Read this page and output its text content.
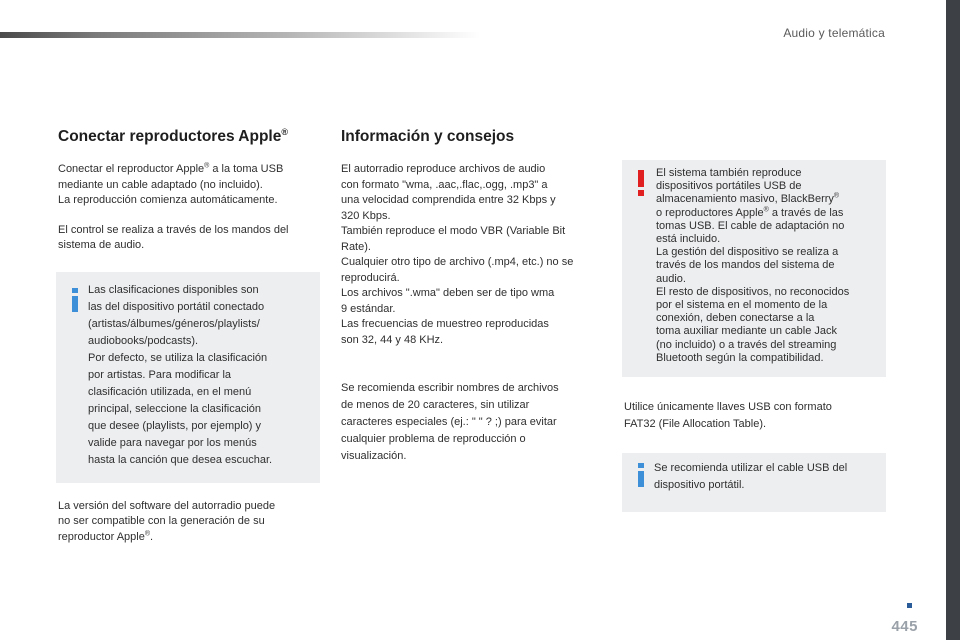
Audio y telemática
Conectar reproductores Apple®

Conectar el reproductor Apple® a la toma USB
mediante un cable adaptado (no incluido).
La reproducción comienza automáticamente.

El control se realiza a través de los mandos del
sistema de audio.

Las clasificaciones disponibles son
las del dispositivo portátil conectado
(artistas/álbumes/géneros/playlists/
audiobooks/podcasts).
Por defecto, se utiliza la clasificación
por artistas. Para modificar la
clasificación utilizada, en el menú
principal, seleccione la clasificación
que desee (playlists, por ejemplo) y
valide para navegar por los menús
hasta la canción que desea escuchar.

La versión del software del autorradio puede
no ser compatible con la generación de su
reproductor Apple®.

Información y consejos

El autorradio reproduce archivos de audio
con formato "wma, .aac,.flac,.ogg, .mp3" a
una velocidad comprendida entre 32 Kbps y
320 Kbps.
También reproduce el modo VBR (Variable Bit
Rate).
Cualquier otro tipo de archivo (.mp4, etc.) no se
reproducirá.
Los archivos ".wma" deben ser de tipo wma
9 estándar.
Las frecuencias de muestreo reproducidas
son 32, 44 y 48 KHz.

Se recomienda escribir nombres de archivos
de menos de 20 caracteres, sin utilizar
caracteres especiales (ej.: " " ? ;) para evitar
cualquier problema de reproducción o
visualización.

El sistema también reproduce
dispositivos portátiles USB de
almacenamiento masivo, BlackBerry®
o reproductores Apple® a través de las
tomas USB. El cable de adaptación no
está incluido.
La gestión del dispositivo se realiza a
través de los mandos del sistema de
audio.
El resto de dispositivos, no reconocidos
por el sistema en el momento de la
conexión, deben conectarse a la
toma auxiliar mediante un cable Jack
(no incluido) o a través del streaming
Bluetooth según la compatibilidad.

Utilice únicamente llaves USB con formato
FAT32 (File Allocation Table).

Se recomienda utilizar el cable USB del
dispositivo portátil.

445
